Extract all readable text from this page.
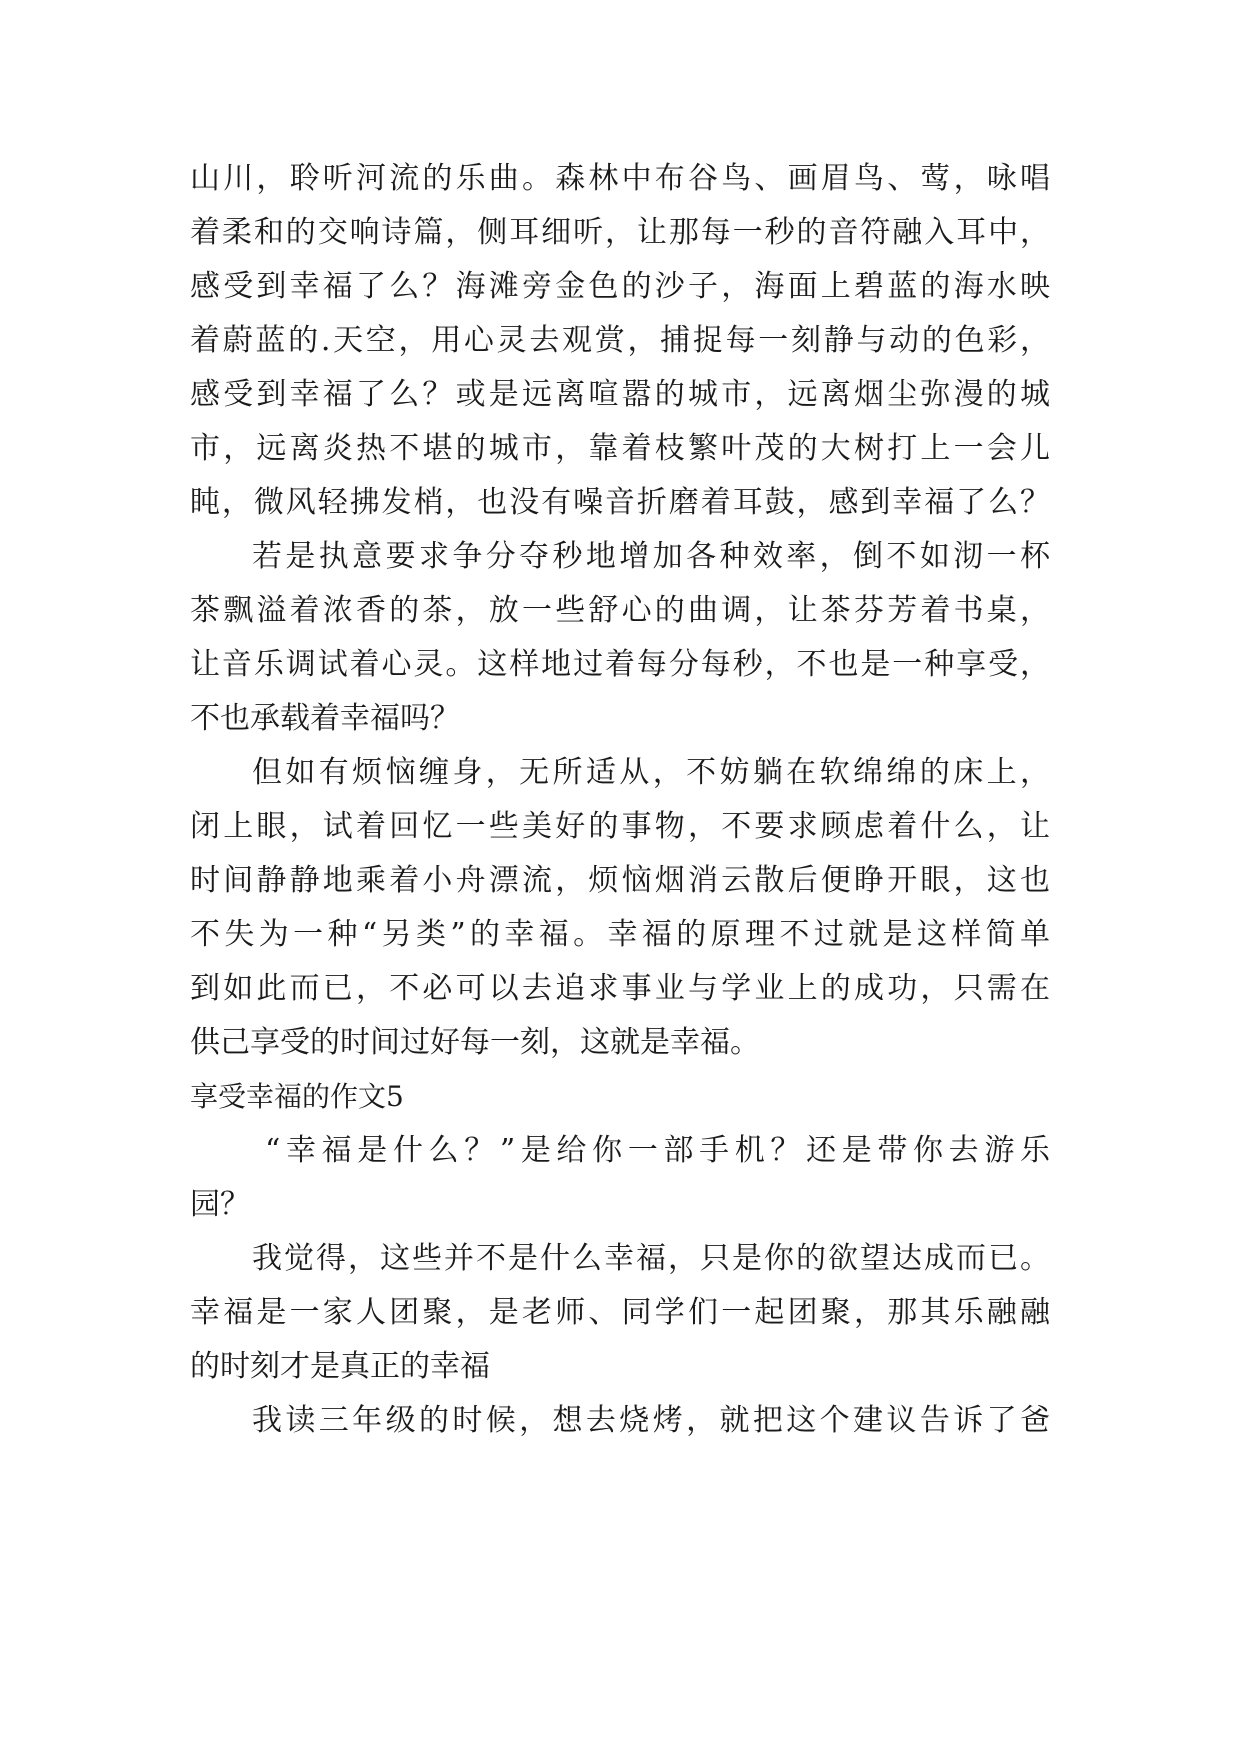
山川，聆听河流的乐曲。森林中布谷鸟、画眉鸟、莺，咏唱
着柔和的交响诗篇，侧耳细听，让那每一秒的音符融入耳中，
感受到幸福了么？海滩旁金色的沙子，海面上碧蓝的海水映
着蔚蓝的.天空，用心灵去观赏，捕捉每一刻静与动的色彩，
感受到幸福了么？或是远离喧嚣的城市，远离烟尘弥漫的城
市，远离炎热不堪的城市，靠着枝繁叶茂的大树打上一会儿
盹，微风轻拂发梢，也没有噪音折磨着耳鼓，感到幸福了么？
若是执意要求争分夺秒地增加各种效率，倒不如沏一杯
茶飘溢着浓香的茶，放一些舒心的曲调，让茶芬芳着书桌，
让音乐调试着心灵。这样地过着每分每秒，不也是一种享受，
不也承载着幸福吗？
但如有烦恼缠身，无所适从，不妨躺在软绵绵的床上，
闭上眼，试着回忆一些美好的事物，不要求顾虑着什么，让
时间静静地乘着小舟漂流，烦恼烟消云散后便睁开眼，这也
不失为一种“另类”的幸福。幸福的原理不过就是这样简单
到如此而已，不必可以去追求事业与学业上的成功，只需在
供己享受的时间过好每一刻，这就是幸福。
享受幸福的作文5
“幸福是什么？”是给你一部手机？还是带你去游乐
园？
我觉得，这些并不是什么幸福，只是你的欲望达成而已。
幸福是一家人团聚，是老师、同学们一起团聚，那其乐融融
的时刻才是真正的幸福
我读三年级的时候，想去烧烤，就把这个建议告诉了爸
